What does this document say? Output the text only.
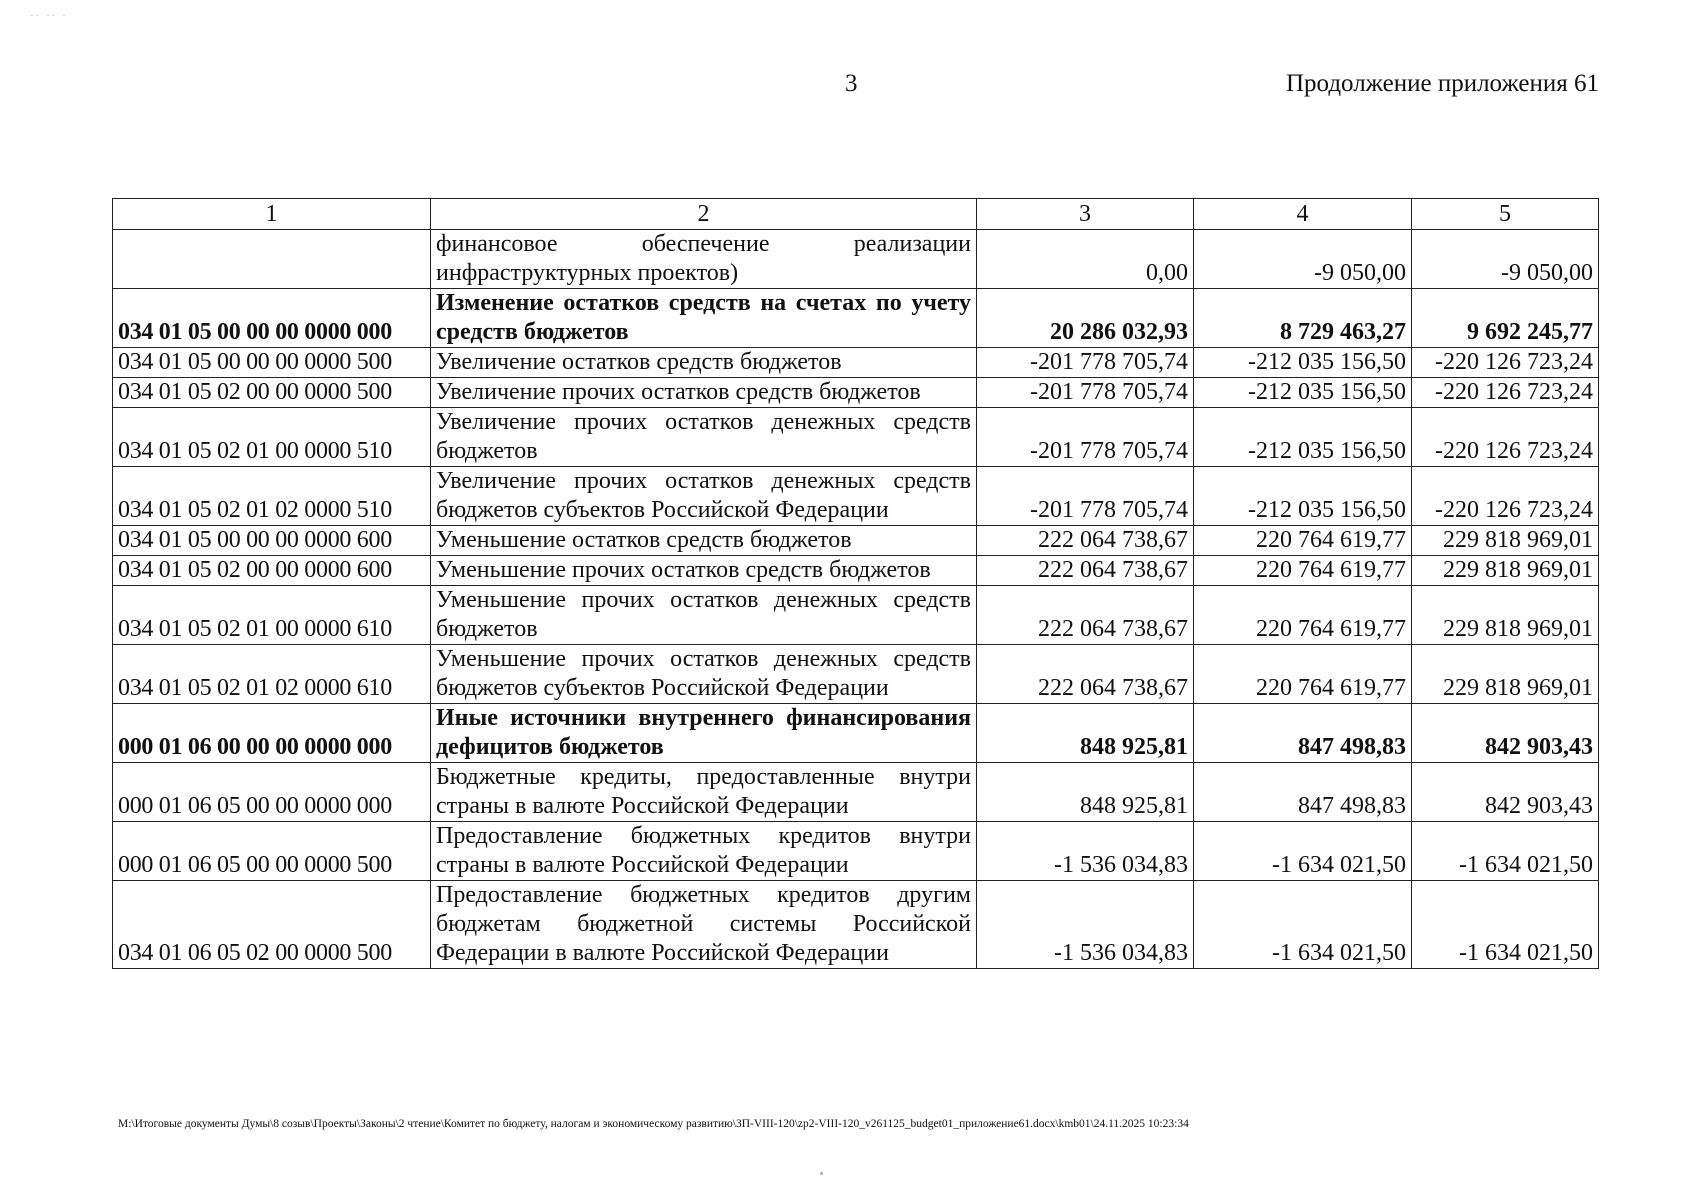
·· ·· ·
3	Продолжение приложения 61
1	2	3	4	5
	финансовое обеспечение реализации инфраструктурных проектов)	0,00	-9 050,00	-9 050,00
034 01 05 00 00 00 0000 000	Изменение остатков средств на счетах по учету средств бюджетов	20 286 032,93	8 729 463,27	9 692 245,77
034 01 05 00 00 00 0000 500	Увеличение остатков средств бюджетов	-201 778 705,74	-212 035 156,50	-220 126 723,24
034 01 05 02 00 00 0000 500	Увеличение прочих остатков средств бюджетов	-201 778 705,74	-212 035 156,50	-220 126 723,24
034 01 05 02 01 00 0000 510	Увеличение прочих остатков денежных средств бюджетов	-201 778 705,74	-212 035 156,50	-220 126 723,24
034 01 05 02 01 02 0000 510	Увеличение прочих остатков денежных средств бюджетов субъектов Российской Федерации	-201 778 705,74	-212 035 156,50	-220 126 723,24
034 01 05 00 00 00 0000 600	Уменьшение остатков средств бюджетов	222 064 738,67	220 764 619,77	229 818 969,01
034 01 05 02 00 00 0000 600	Уменьшение прочих остатков средств бюджетов	222 064 738,67	220 764 619,77	229 818 969,01
034 01 05 02 01 00 0000 610	Уменьшение прочих остатков денежных средств бюджетов	222 064 738,67	220 764 619,77	229 818 969,01
034 01 05 02 01 02 0000 610	Уменьшение прочих остатков денежных средств бюджетов субъектов Российской Федерации	222 064 738,67	220 764 619,77	229 818 969,01
000 01 06 00 00 00 0000 000	Иные источники внутреннего финансирования дефицитов бюджетов	848 925,81	847 498,83	842 903,43
000 01 06 05 00 00 0000 000	Бюджетные кредиты, предоставленные внутри страны в валюте Российской Федерации	848 925,81	847 498,83	842 903,43
000 01 06 05 00 00 0000 500	Предоставление бюджетных кредитов внутри страны в валюте Российской Федерации	-1 536 034,83	-1 634 021,50	-1 634 021,50
034 01 06 05 02 00 0000 500	Предоставление бюджетных кредитов другим бюджетам бюджетной системы Российской Федерации в валюте Российской Федерации	-1 536 034,83	-1 634 021,50	-1 634 021,50
M:\Итоговые документы Думы\8 созыв\Проекты\Законы\2 чтение\Комитет по бюджету, налогам и экономическому развитию\ЗП-VIII-120\zp2-VIII-120_v261125_budget01_приложение61.docx\kmb01\24.11.2025 10:23:34
